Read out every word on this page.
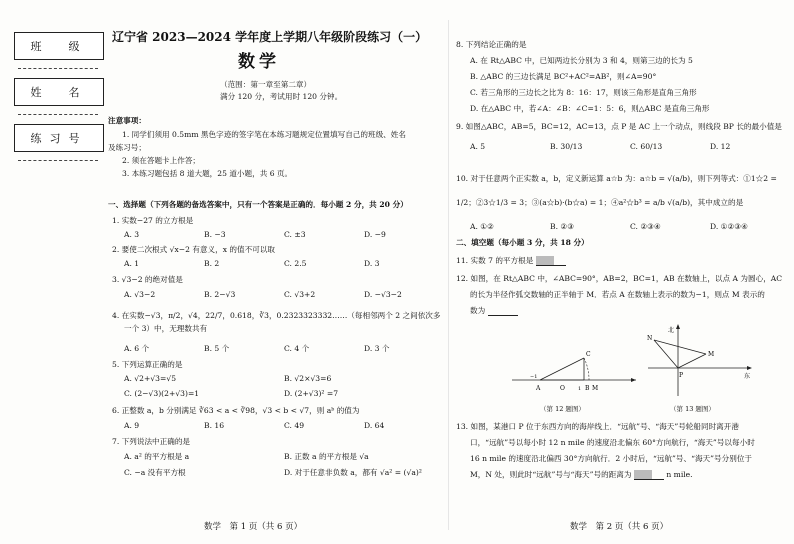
班　级
姓　名
练习号
辽宁省 2023—2024 学年度上学期八年级阶段练习（一）
数学
（范围：第一章至第二章）
满分 120 分，考试用时 120 分钟。
注意事项：
1. 同学们须用 0.5mm 黑色字迹的签字笔在本练习题规定位置填写自己的班级、姓名
及练习号；
2. 须在答题卡上作答；
3. 本练习题包括 8 道大题，25 道小题，共 6 页。
一、选择题（下列各题的备选答案中，只有一个答案是正确的．每小题 2 分，共 20 分）
1. 实数−27 的立方根是
A. 3	B. −3	C. ±3	D. −9
2. 要使二次根式 √x−2 有意义，x 的值不可以取
A. 1	B. 2	C. 2.5	D. 3
3. √3−2 的绝对值是
A. √3−2	B. 2−√3	C. √3+2	D. −√3−2
4. 在实数−√3，π/2，√4，22/7，0.618，∛3，0.2323323332……（每相邻两个 2 之间依次多
一个 3）中，无理数共有
A. 6 个	B. 5 个	C. 4 个	D. 3 个
5. 下列运算正确的是
A. √2+√3=√5	B. √2×√3=6
C. (2−√3)(2+√3)=1	D. (2+√3)² =7
6. 正整数 a，b 分别满足 ∛63 < a < ∛98，√3 < b < √7，则 aᵇ 的值为
A. 9	B. 16	C. 49	D. 64
7. 下列说法中正确的是
A. a² 的平方根是 a	B. 正数 a 的平方根是 √a
C. −a 没有平方根	D. 对于任意非负数 a，都有 √a² = (√a)²
数学　第 1 页（共 6 页）
8. 下列结论正确的是
A. 在 Rt△ABC 中，已知两边长分别为 3 和 4，则第三边的长为 5
B. △ABC 的三边长满足 BC²+AC²=AB²，则∠A=90°
C. 若三角形的三边长之比为 8：16：17，则该三角形是直角三角形
D. 在△ABC 中，若∠A：∠B：∠C=1：5：6，则△ABC 是直角三角形
9. 如图△ABC，AB=5，BC=12，AC=13，点 P 是 AC 上一个动点，则线段 BP 长的最小值是
A. 5	B. 30/13	C. 60/13	D. 12
10. 对于任意两个正实数 a，b，定义新运算 a☆b 为：a☆b = √(a/b)，则下列等式：①1☆2 =
1/2；②3☆1/3 = 3；③(a☆b)·(b☆a) = 1；④a²☆b³ = a/b √(a/b)，其中成立的是
A. ①②	B. ②③	C. ②③④	D. ①②③④
二、填空题（每小题 3 分，共 18 分）
11. 实数 7 的平方根是
12. 如图，在 Rt△ABC 中，∠ABC=90°，AB=2，BC=1，AB 在数轴上，以点 A 为圆心，AC
的长为半径作弧交数轴的正半轴于 M．若点 A 在数轴上表示的数为−1，则点 M 表示的
数为
A
−1
O	1 B M
C
（第 12 题图）
北
东
N
M
P
（第 13 题图）
13. 如图，某港口 P 位于东西方向的海岸线上．“远航”号、“海天”号轮船同时离开港
口，“远航”号以每小时 12 n mile 的速度沿北偏东 60°方向航行，“海天”号以每小时
16 n mile 的速度沿北偏西 30°方向航行．2 小时后，“远航”号、“海天”号分别位于
M，N 处，则此时“远航”号与“海天”号的距离为	n mile.
数学　第 2 页（共 6 页）
